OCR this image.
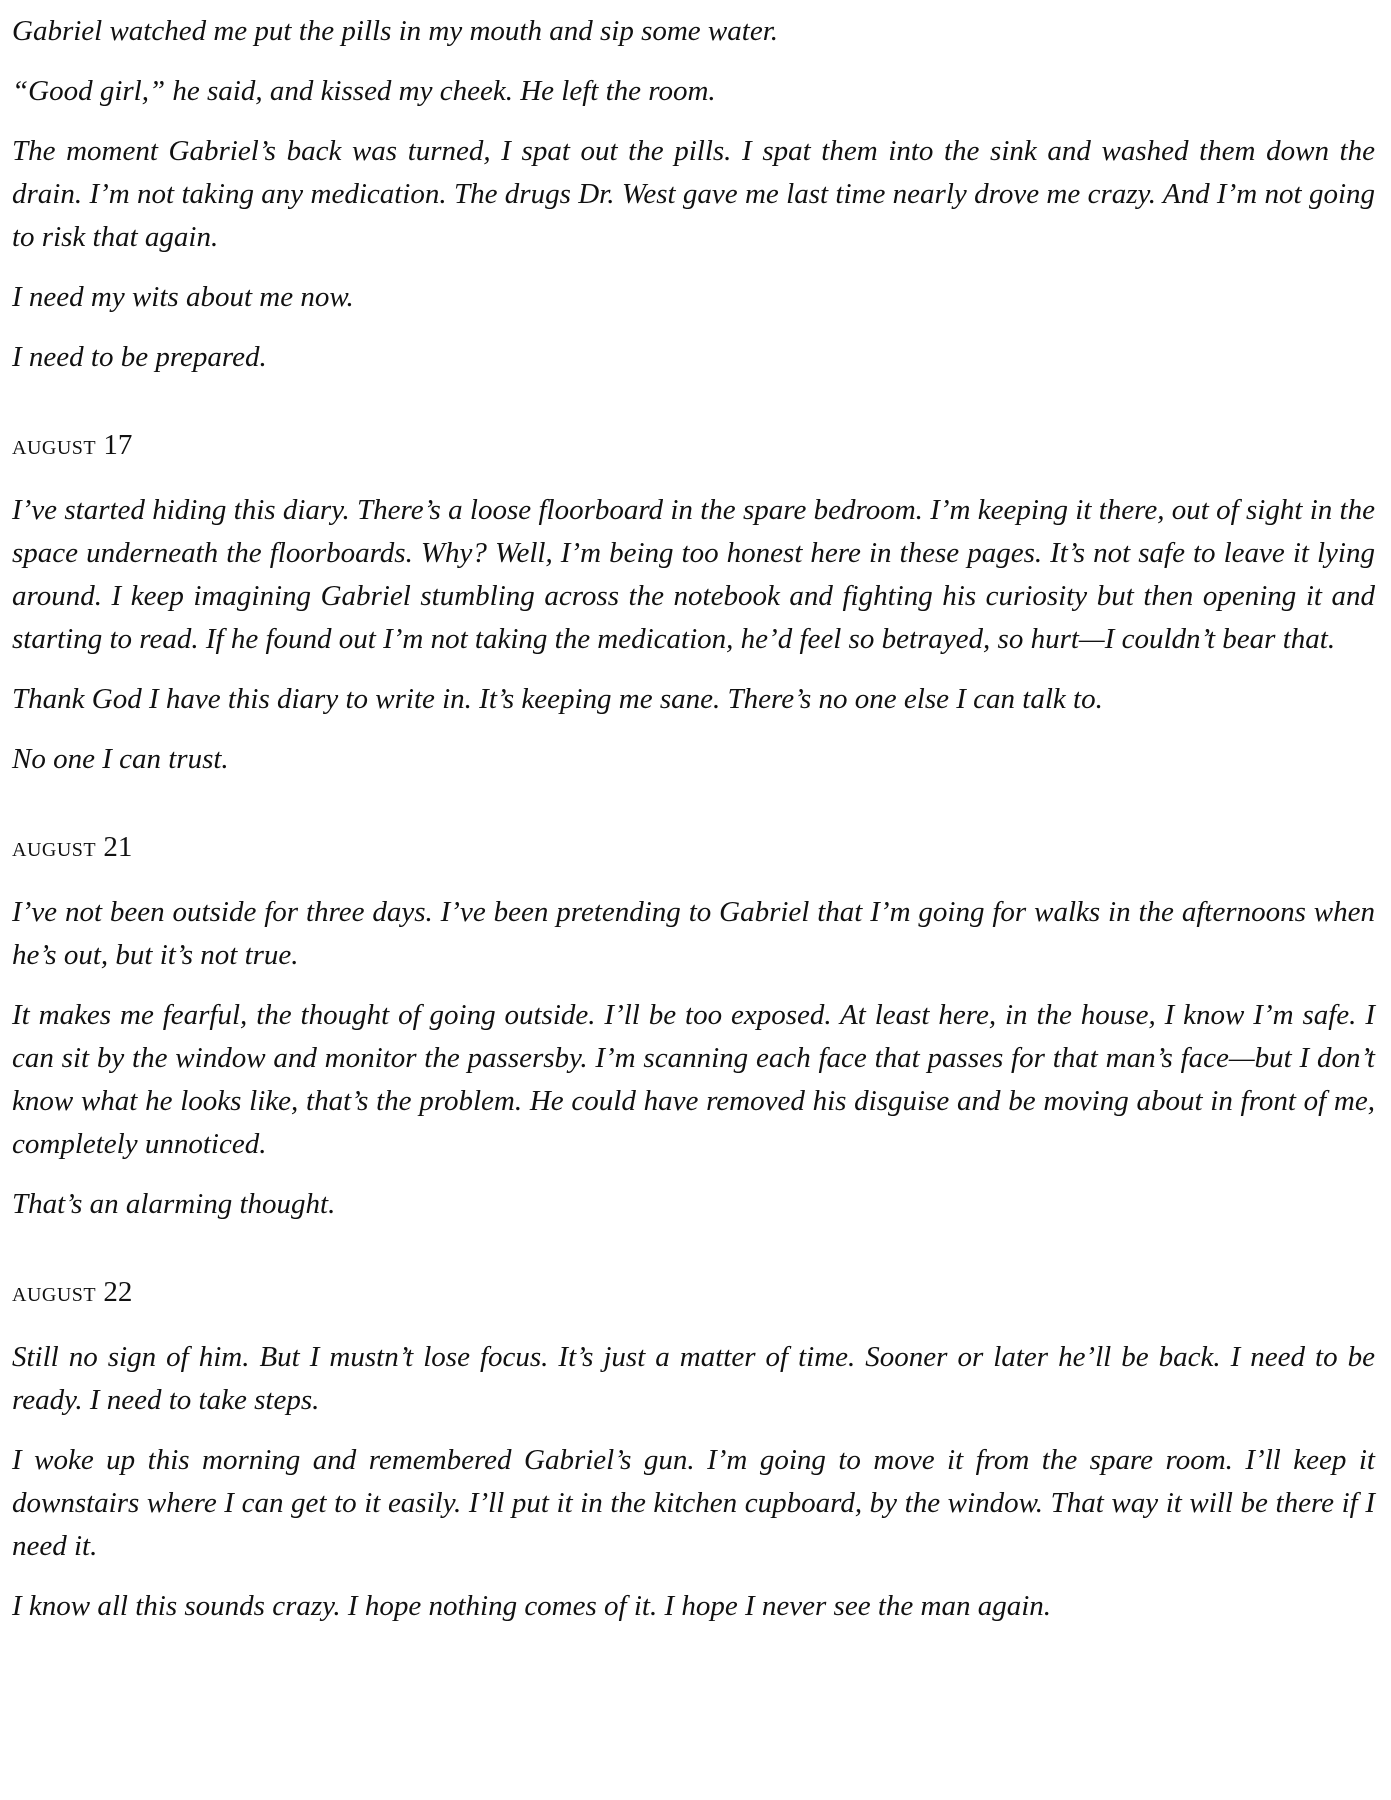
Gabriel watched me put the pills in my mouth and sip some water.

“Good girl,” he said, and kissed my cheek. He left the room.

The moment Gabriel’s back was turned, I spat out the pills. I spat them into the sink and washed them down the drain. I’m not taking any medication. The drugs Dr. West gave me last time nearly drove me crazy. And I’m not going to risk that again.

I need my wits about me now.

I need to be prepared.

august 17

I’ve started hiding this diary. There’s a loose floorboard in the spare bedroom. I’m keeping it there, out of sight in the space underneath the floorboards. Why? Well, I’m being too honest here in these pages. It’s not safe to leave it lying around. I keep imagining Gabriel stumbling across the notebook and fighting his curiosity but then opening it and starting to read. If he found out I’m not taking the medication, he’d feel so betrayed, so hurt—I couldn’t bear that.

Thank God I have this diary to write in. It’s keeping me sane. There’s no one else I can talk to.

No one I can trust.

august 21

I’ve not been outside for three days. I’ve been pretending to Gabriel that I’m going for walks in the afternoons when he’s out, but it’s not true.

It makes me fearful, the thought of going outside. I’ll be too exposed. At least here, in the house, I know I’m safe. I can sit by the window and monitor the passersby. I’m scanning each face that passes for that man’s face—but I don’t know what he looks like, that’s the problem. He could have removed his disguise and be moving about in front of me, completely unnoticed.

That’s an alarming thought.

august 22

Still no sign of him. But I mustn’t lose focus. It’s just a matter of time. Sooner or later he’ll be back. I need to be ready. I need to take steps.

I woke up this morning and remembered Gabriel’s gun. I’m going to move it from the spare room. I’ll keep it downstairs where I can get to it easily. I’ll put it in the kitchen cupboard, by the window. That way it will be there if I need it.

I know all this sounds crazy. I hope nothing comes of it. I hope I never see the man again.
